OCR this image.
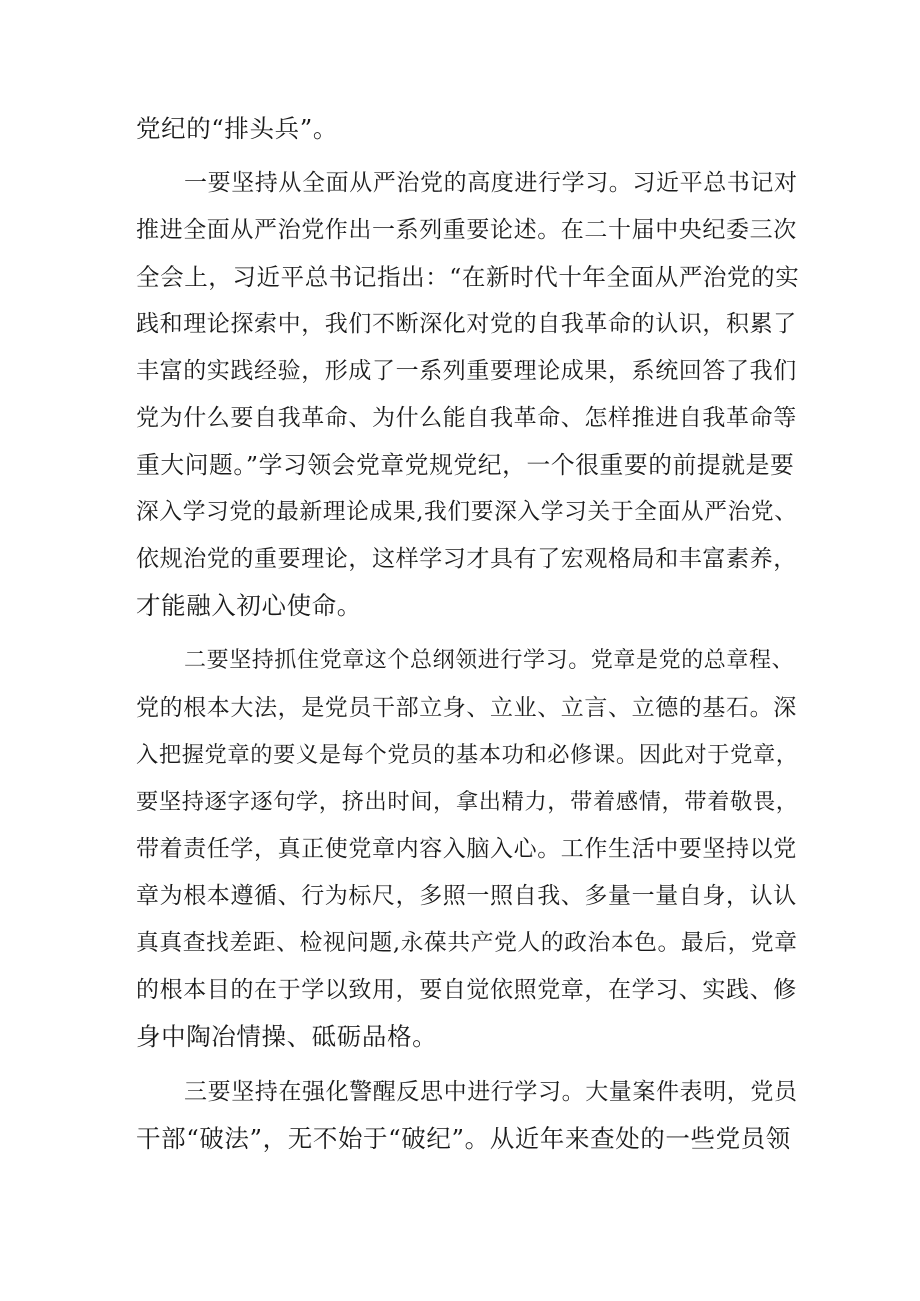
党纪的“排头兵”。
一要坚持从全面从严治党的高度进行学习。习近平总书记对
推进全面从严治党作出一系列重要论述。在二十届中央纪委三次
全会上，习近平总书记指出：“在新时代十年全面从严治党的实
践和理论探索中，我们不断深化对党的自我革命的认识，积累了
丰富的实践经验，形成了一系列重要理论成果，系统回答了我们
党为什么要自我革命、为什么能自我革命、怎样推进自我革命等
重大问题。”学习领会党章党规党纪，一个很重要的前提就是要
深入学习党的最新理论成果,我们要深入学习关于全面从严治党、
依规治党的重要理论，这样学习才具有了宏观格局和丰富素养，
才能融入初心使命。
二要坚持抓住党章这个总纲领进行学习。党章是党的总章程、
党的根本大法，是党员干部立身、立业、立言、立德的基石。深
入把握党章的要义是每个党员的基本功和必修课。因此对于党章，
要坚持逐字逐句学，挤出时间，拿出精力，带着感情，带着敬畏，
带着责任学，真正使党章内容入脑入心。工作生活中要坚持以党
章为根本遵循、行为标尺，多照一照自我、多量一量自身，认认
真真查找差距、检视问题,永葆共产党人的政治本色。最后，党章
的根本目的在于学以致用，要自觉依照党章，在学习、实践、修
身中陶冶情操、砥砺品格。
三要坚持在强化警醒反思中进行学习。大量案件表明，党员
干部“破法”，无不始于“破纪”。从近年来查处的一些党员领
